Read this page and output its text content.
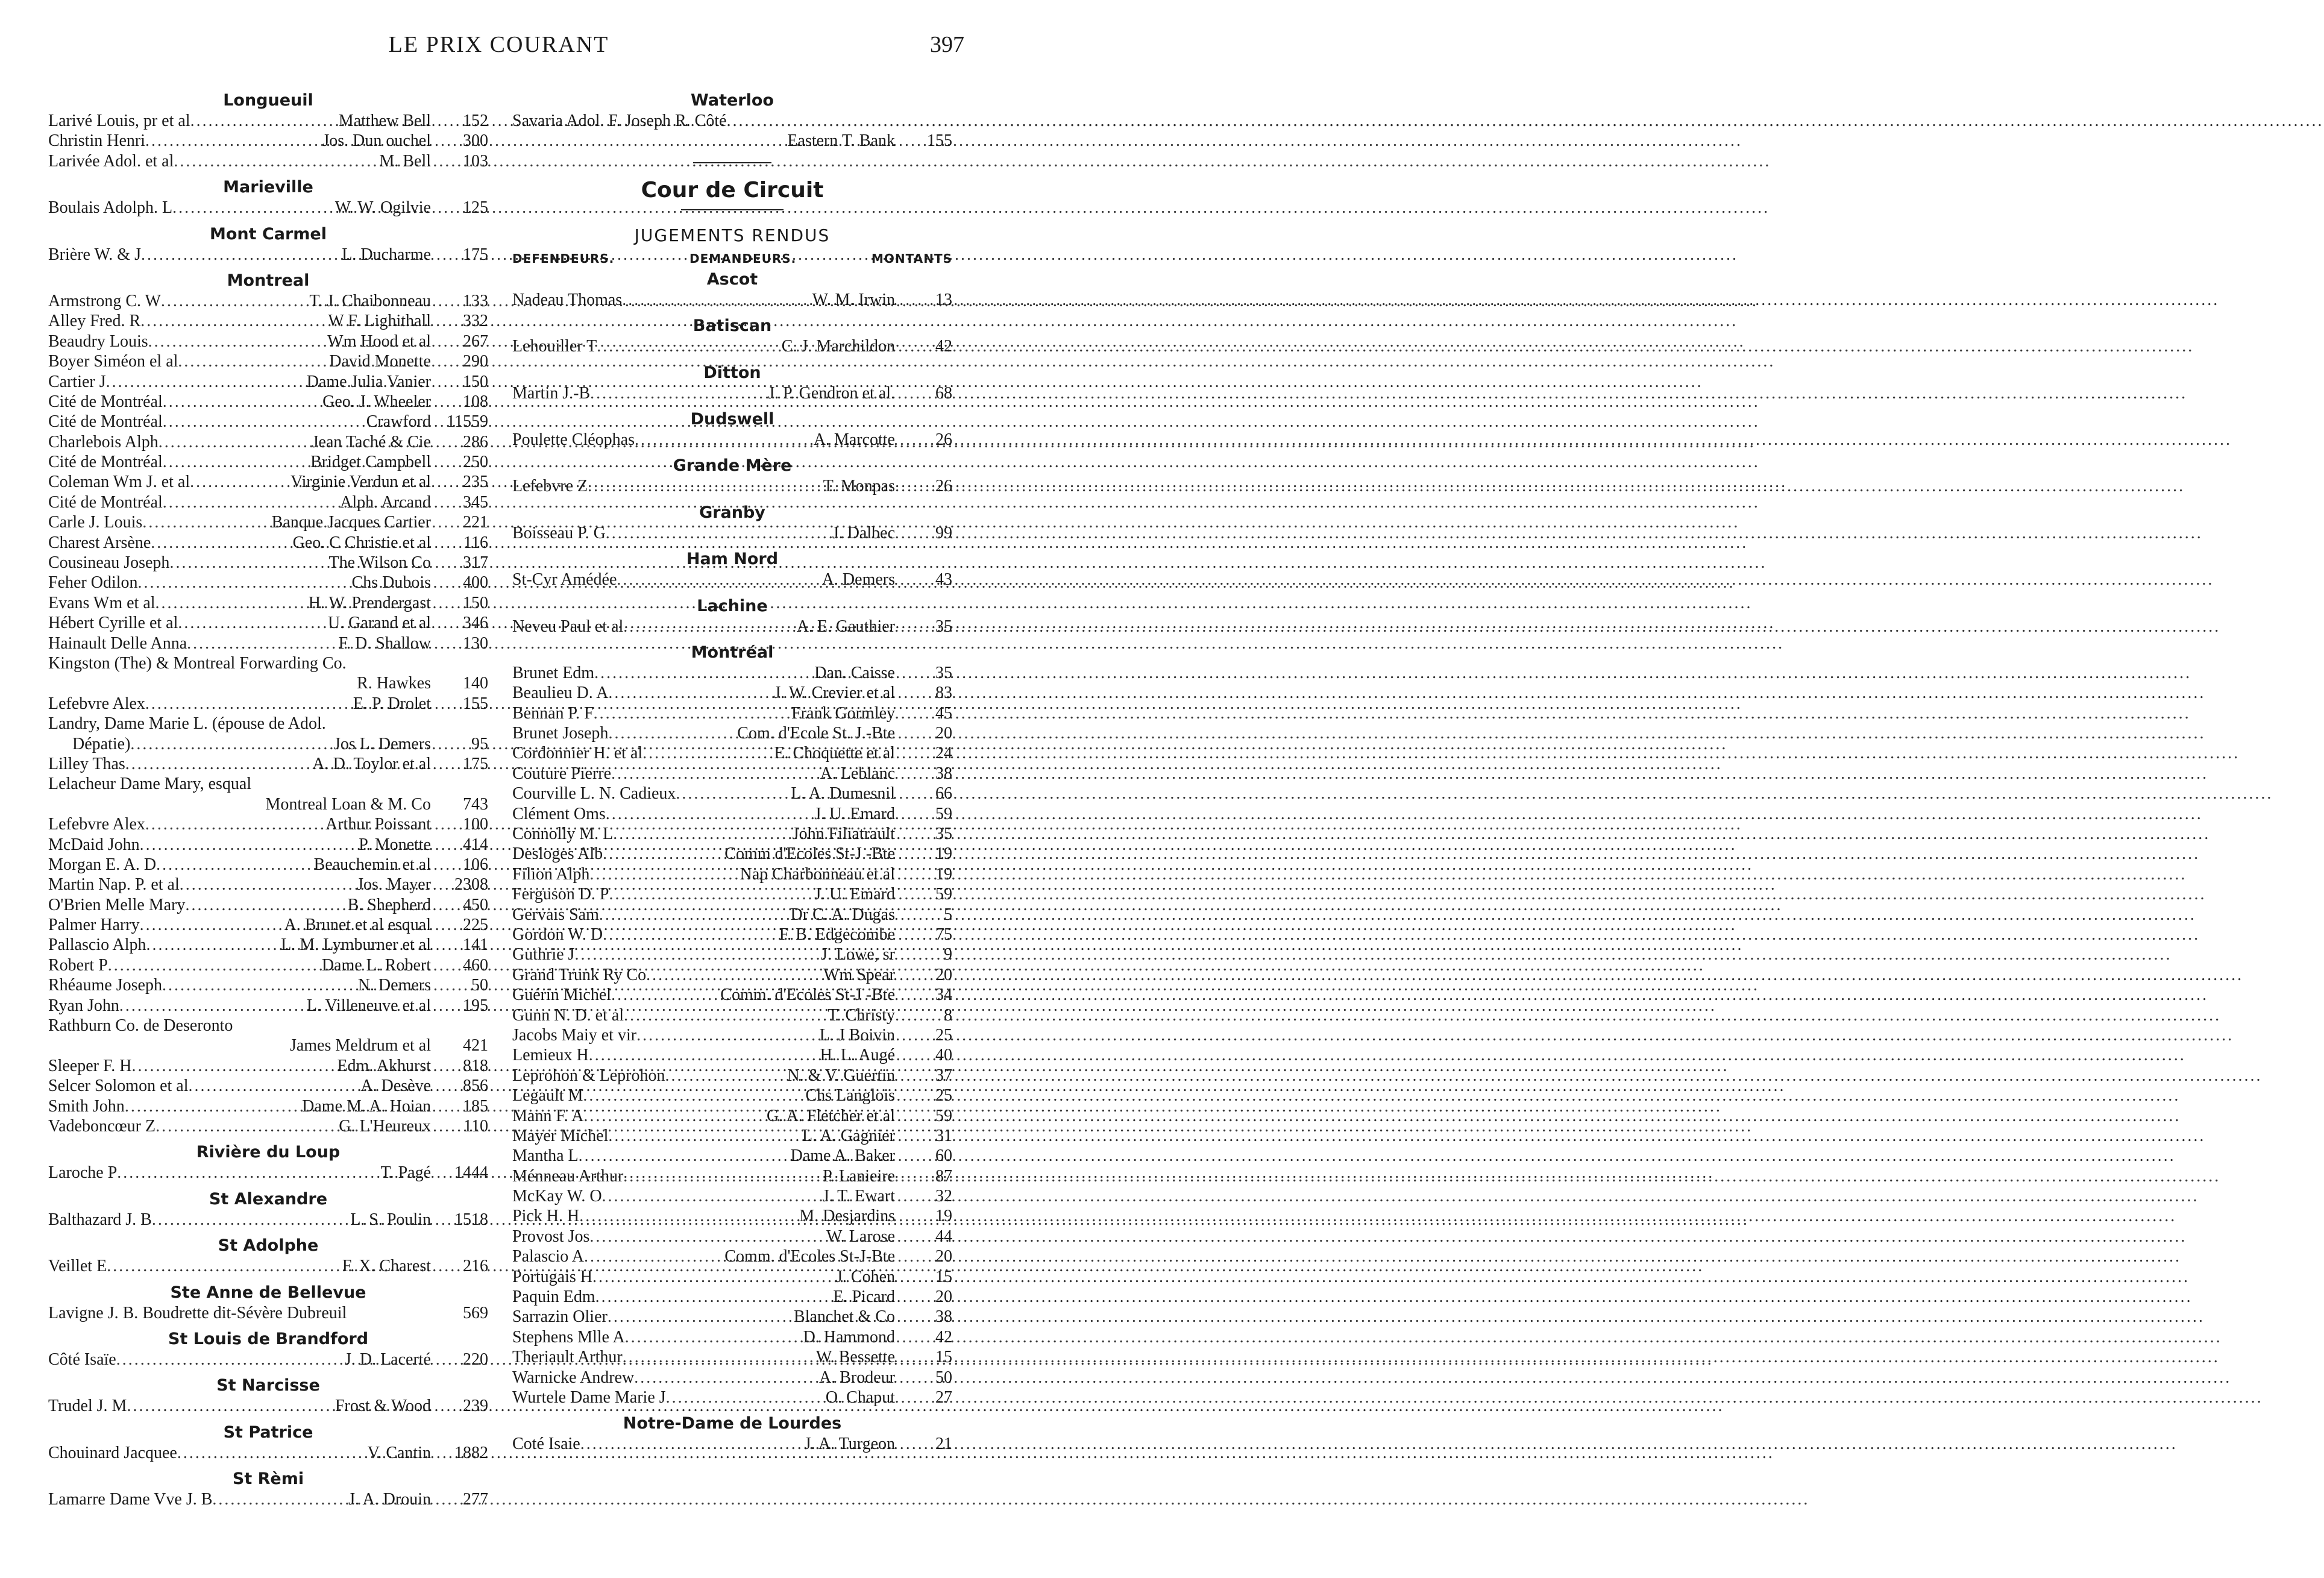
LE PRIX COURANT	397
Longueuil
Larivé Louis, рr et al .....	Matthew Bell	152
Christin Henri .....	Jos. Dun ouchel	300
Larivée Adol. et al .....	M. Bell	103
Marieville
Boulais Adolph. L .....	W. W. Ogilvie	125
Mont Carmel
Brière W. & J .....	L. Ducharme	175
Montreal
Armstrong C. W .....	T. J. Chaibonneau	133
Alley Fred. R .....	W F. Lighithall	332
Beaudry Louis .....	Wm Hood et al	267
Boyer Siméon el al .....	David Monette	290
Cartier J .....	Dame Julia Vanier	150
Cité de Montréal .....	Geo. J. Wheeler	108
Cité de Montréal .....	Crawford 11559
Charlebois Alph .....	Jean Taché & Cie	286
Cité de Montréal .....	Bridget Campbell	250
Coleman Wm J. et al .....	Virginie Verdun et al	235
Cité de Montréal .....	Alph. Arcand	345
Carle J. Louis .....	Banque Jacques Cartier	221
Charest Arsène .....	Geo. C Christie et al	116
Cousineau Joseph .....	The Wilson Co	317
Feher Odilon .....	Chs Dubois	400
Evans Wm et al .....	H. W. Prendergast	150
Hébert Cyrille et al .....	U. Garand et al	346
Hainault Delle Anna .....	F. D. Shallow	130
Kingston (The) & Montreal Forwarding Co.
R. Hawkes	140
Lefebvre Alex .....	E. P. Drolet	155
Landry, Dame Marie L. (épouse de Adol.
Dépatie) .....	Jos L. Demers	95
Lilley Thas .....	A. D. Toylor et al	175
Lelacheur Dame Mary, esqual
Montreal Loan & M. Co	743
Lefebvre Alex .....	Arthur Poissant	100
McDaid John .....	P. Monette	414
Morgan E. A. D .....	Beauchemin et al	106
Martin Nap. P. et al .....	Jos. Mayer	2308
O'Brien Melle Mary .....	B. Shepherd	450
Palmer Harry .....	A. Brunet et al esqual	225
Pallascio Alph .....	L. M. Lymburner et al	141
Robert P .....	Dame L. Robert	460
Rhéaume Joseph .....	N. Demers	50
Ryan John .....	L. Villeneuve et al	195
Rathburn Co. de Deseronto
James Meldrum et al	421
Sleeper F. H .....	Edm. Akhurst	818
Selcer Solomon et al .....	A. Desève	856
Smith John .....	Dame M. A. Hoian	185
Vadeboncœur Z .....	G. L'Heureux	110
Rivière du Loup
Laroche P .....	T. Pagé	1444
St Alexandre
Balthazard J. B .....	L. S. Poulin	1518
St Adolphe
Veillet E .....	F. X. Charest	216
Ste Anne de Bellevue
Lavigne J. B. Boudrette dit-Sévère Dubreuil	569
St Louis de Brandford
Côté Isaïe .....	J. D. Lacerté	220
St Narcisse
Trudel J. M .....	Frost & Wood	239
St Patrice
Chouinard Jacquee .....	V. Cantin	1882
St Rèmi
Lamarre Dame Vve J. B .....	J. A. Drouin	277
Waterloo
Savaria Adol. F. Joseph R. Côté
.....
Eastern T. Bank	155
Cour de Circuit
JUGEMENTS RENDUS
DEFENDEURS.	DEMANDEURS.	MONTANTS
Ascot
Nadeau Thomas .....	W. M. Irwin	13
Batiscan
Lehouiller T .....	C. J. Marchildon	42
Ditton
Martin J.-B .....	J. P. Gendron et al.	68
Dudswell
Poulette Cléophas .....	A. Marcotte	26
Grande Mère
Lefebvre Z .....	T. Monpas	26
Granby
Boisseau P. G .....	J. Dalbec	99
Ham Nord
St-Cyr Amédée .....	A. Demers	43
Lachine
Neveu Paul et al .....	A. E. Gauthier	35
Montréal
Brunet Edm .....	Dan. Caisse	35
Beaulieu D. A .....	J. W. Crevier et al	83
Bennan P. F .....	Frank Gormley	45
Brunet Joseph .....	Com. d'Ecole St. J.-Bte	20
Cordonnier H. et al .....	E. Choquette et al	24
Couture Pierre .....	A. Leblanc	38
Courville L. N. Cadieux .....	L. A. Dumesnil	66
Clément Oms .....	J. U. Emard	59
Connolly M. L .....	John Filiatrault	35
Desloges Alb .....	Comm d'Ecoles St-J -Bte	19
Filion Alph .....	Nap Charbonneau et al	19
Ferguson D. P .....	J. U. Emard	59
Gervais Sam .....	Dr C. A. Dugas	5
Gordon W. D .....	F. B. Edgecombe	75
Guthrie J .....	J. Lowe, sr	9
Grand Trunk Ry Co .....	Wm Spear	20
Guérin Michel .....	Comm. d'Ecoles St-J -Bte	34
Gunn N. D. et al .....	T. Christy	8
Jacobs Maiy et vir .....	L. J Boivin	25
Lemieux H .....	H. L. Augé	40
Leprohon & Leprohon .....	N. & V. Guertin	37
Legault M .....	Chs Langlois	25
Mann F. A .....	G. A. Fletcher et al	59
Mayer Michel .....	L. A. Gagnier	31
Mantha L .....	Dame A. Baker	60
Ménneau Arthur .....	P. Lanieire	87
McKay W. O .....	J. T. Ewart	32
Pick H. H .....	M. Desjardins	19
Provost Jos .....	W. Larose	44
Palascio A .....	Comm. d'Ecoles St-J-Bte	20
Portugais H .....	J. Cohen	15
Paquin Edm .....	E. Picard	20
Sarrazin Olier .....	Blanchet & Co	38
Stephens Mlle A .....	D. Hammond	42
Theriault Arthur .....	W. Bessette	15
Warnicke Andrew .....	A. Brodeur	50
Wurtele Dame Marie J .....	O. Chaput	27
Notre-Dame de Lourdes
Coté Isaie .....	J. A. Turgeon	21
